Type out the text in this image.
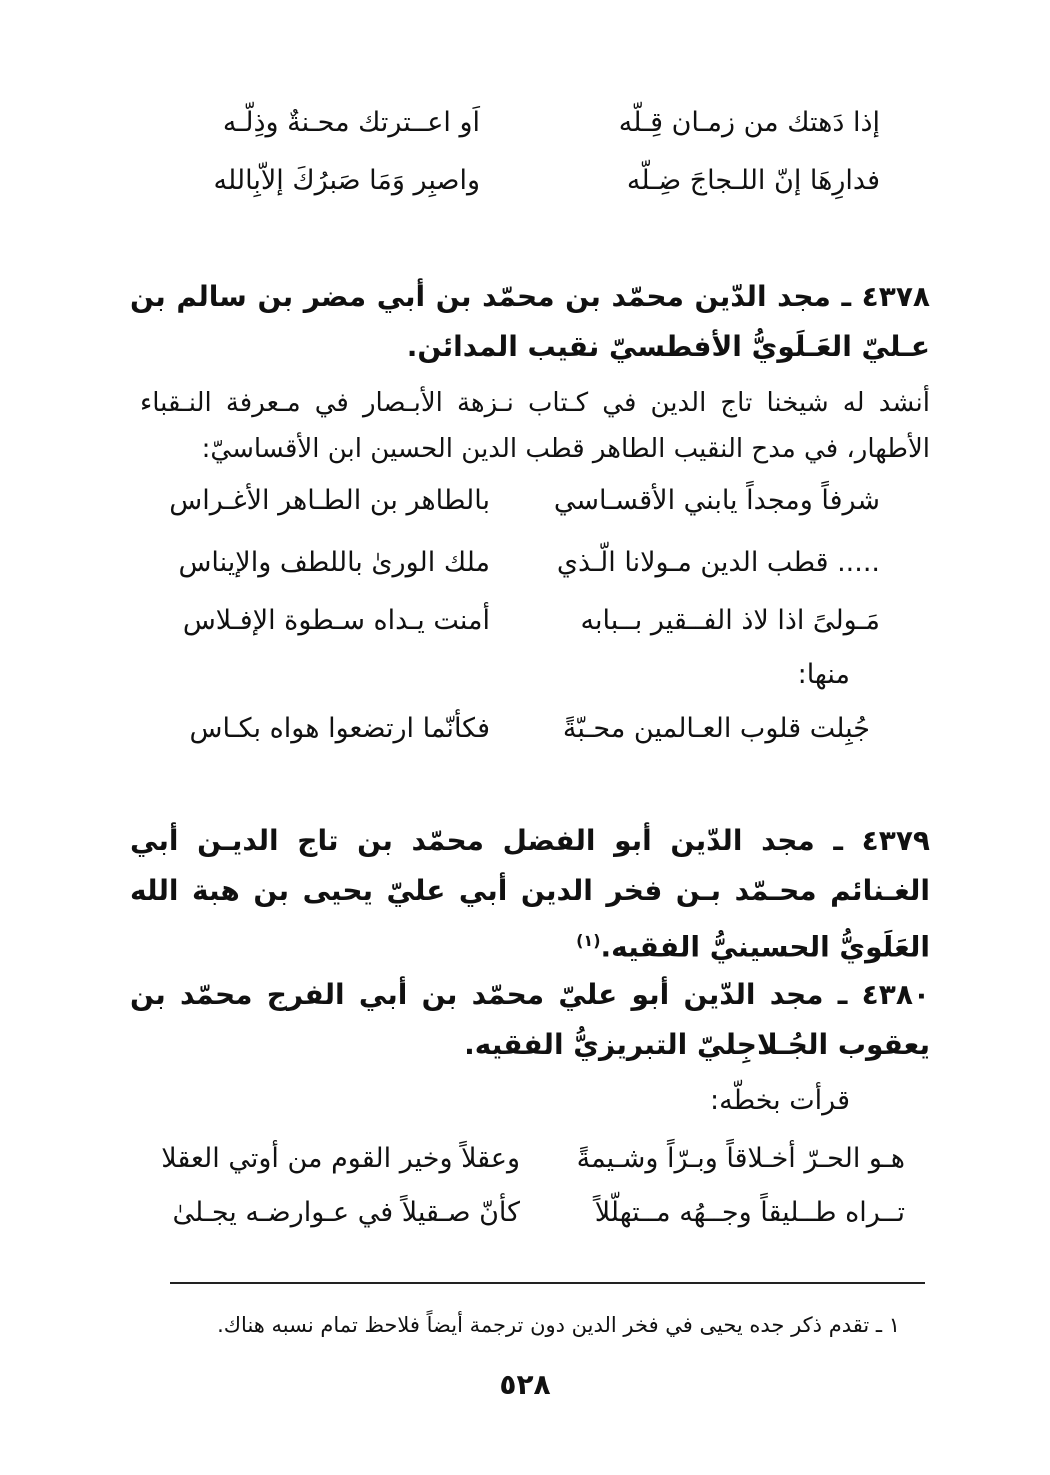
إذا دَهتك من زمـان قِـلّه
اَو اعــترتك محـنةٌ وذِلّـه
فدارِهَا إنّ اللـجاجَ ضِـلّه
واصبِر وَمَا صَبرُكَ إلاّبِالله
٤٣٧٨ ـ مجد الدّين محمّد بن محمّد بن أبي مضر بن سالم بن عـليّ العَـلَويُّ الأفطسيّ نقيب المدائن.
أنشد له شيخنا تاج الدين في كـتاب نـزهة الأبـصار في مـعرفة النـقباء الأطهار، في مدح النقيب الطاهر قطب الدين الحسين ابن الأقساسيّ:
شرفاً ومجداً يابني الأقسـاسي
بالطاهر بن الطـاهر الأغـراس
..... قطب الدين مـولانا الّـذي
ملك الورىٰ باللطف والإيناس
مَـولىً اذا لاذ الفــقير بــبابه
أمنت يـداه سـطوة الإفـلاس
منها:
جُبِلت قلوب العـالمين محـبّةً
فكأنّما ارتضعوا هواه بكـاس
٤٣٧٩ ـ مجد الدّين أبو الفضل محمّد بن تاج الديـن أبي الغـنائم محـمّد بـن فخر الدين أبي عليّ يحيى بن هبة الله العَلَويُّ الحسينيُّ الفقيه.$^{(١)}$
٤٣٨٠ ـ مجد الدّين أبو عليّ محمّد بن أبي الفرج محمّد بن يعقوب الجُـلاجِليّ التبريزيُّ الفقيه.
قرأت بخطّه:
هـو الحـرّ أخـلاقاً وبـرّاً وشـيمةً
وعقلاً وخير القوم من أوتي العقلا
تــراه طــليقاً وجــهُه مــتهلّلاً
كأنّ صـقيلاً في عـوارضـه يجـلىٰ
١ ـ تقدم ذكر جده يحيى في فخر الدين دون ترجمة أيضاً فلاحظ تمام نسبه هناك.
٥٢٨
